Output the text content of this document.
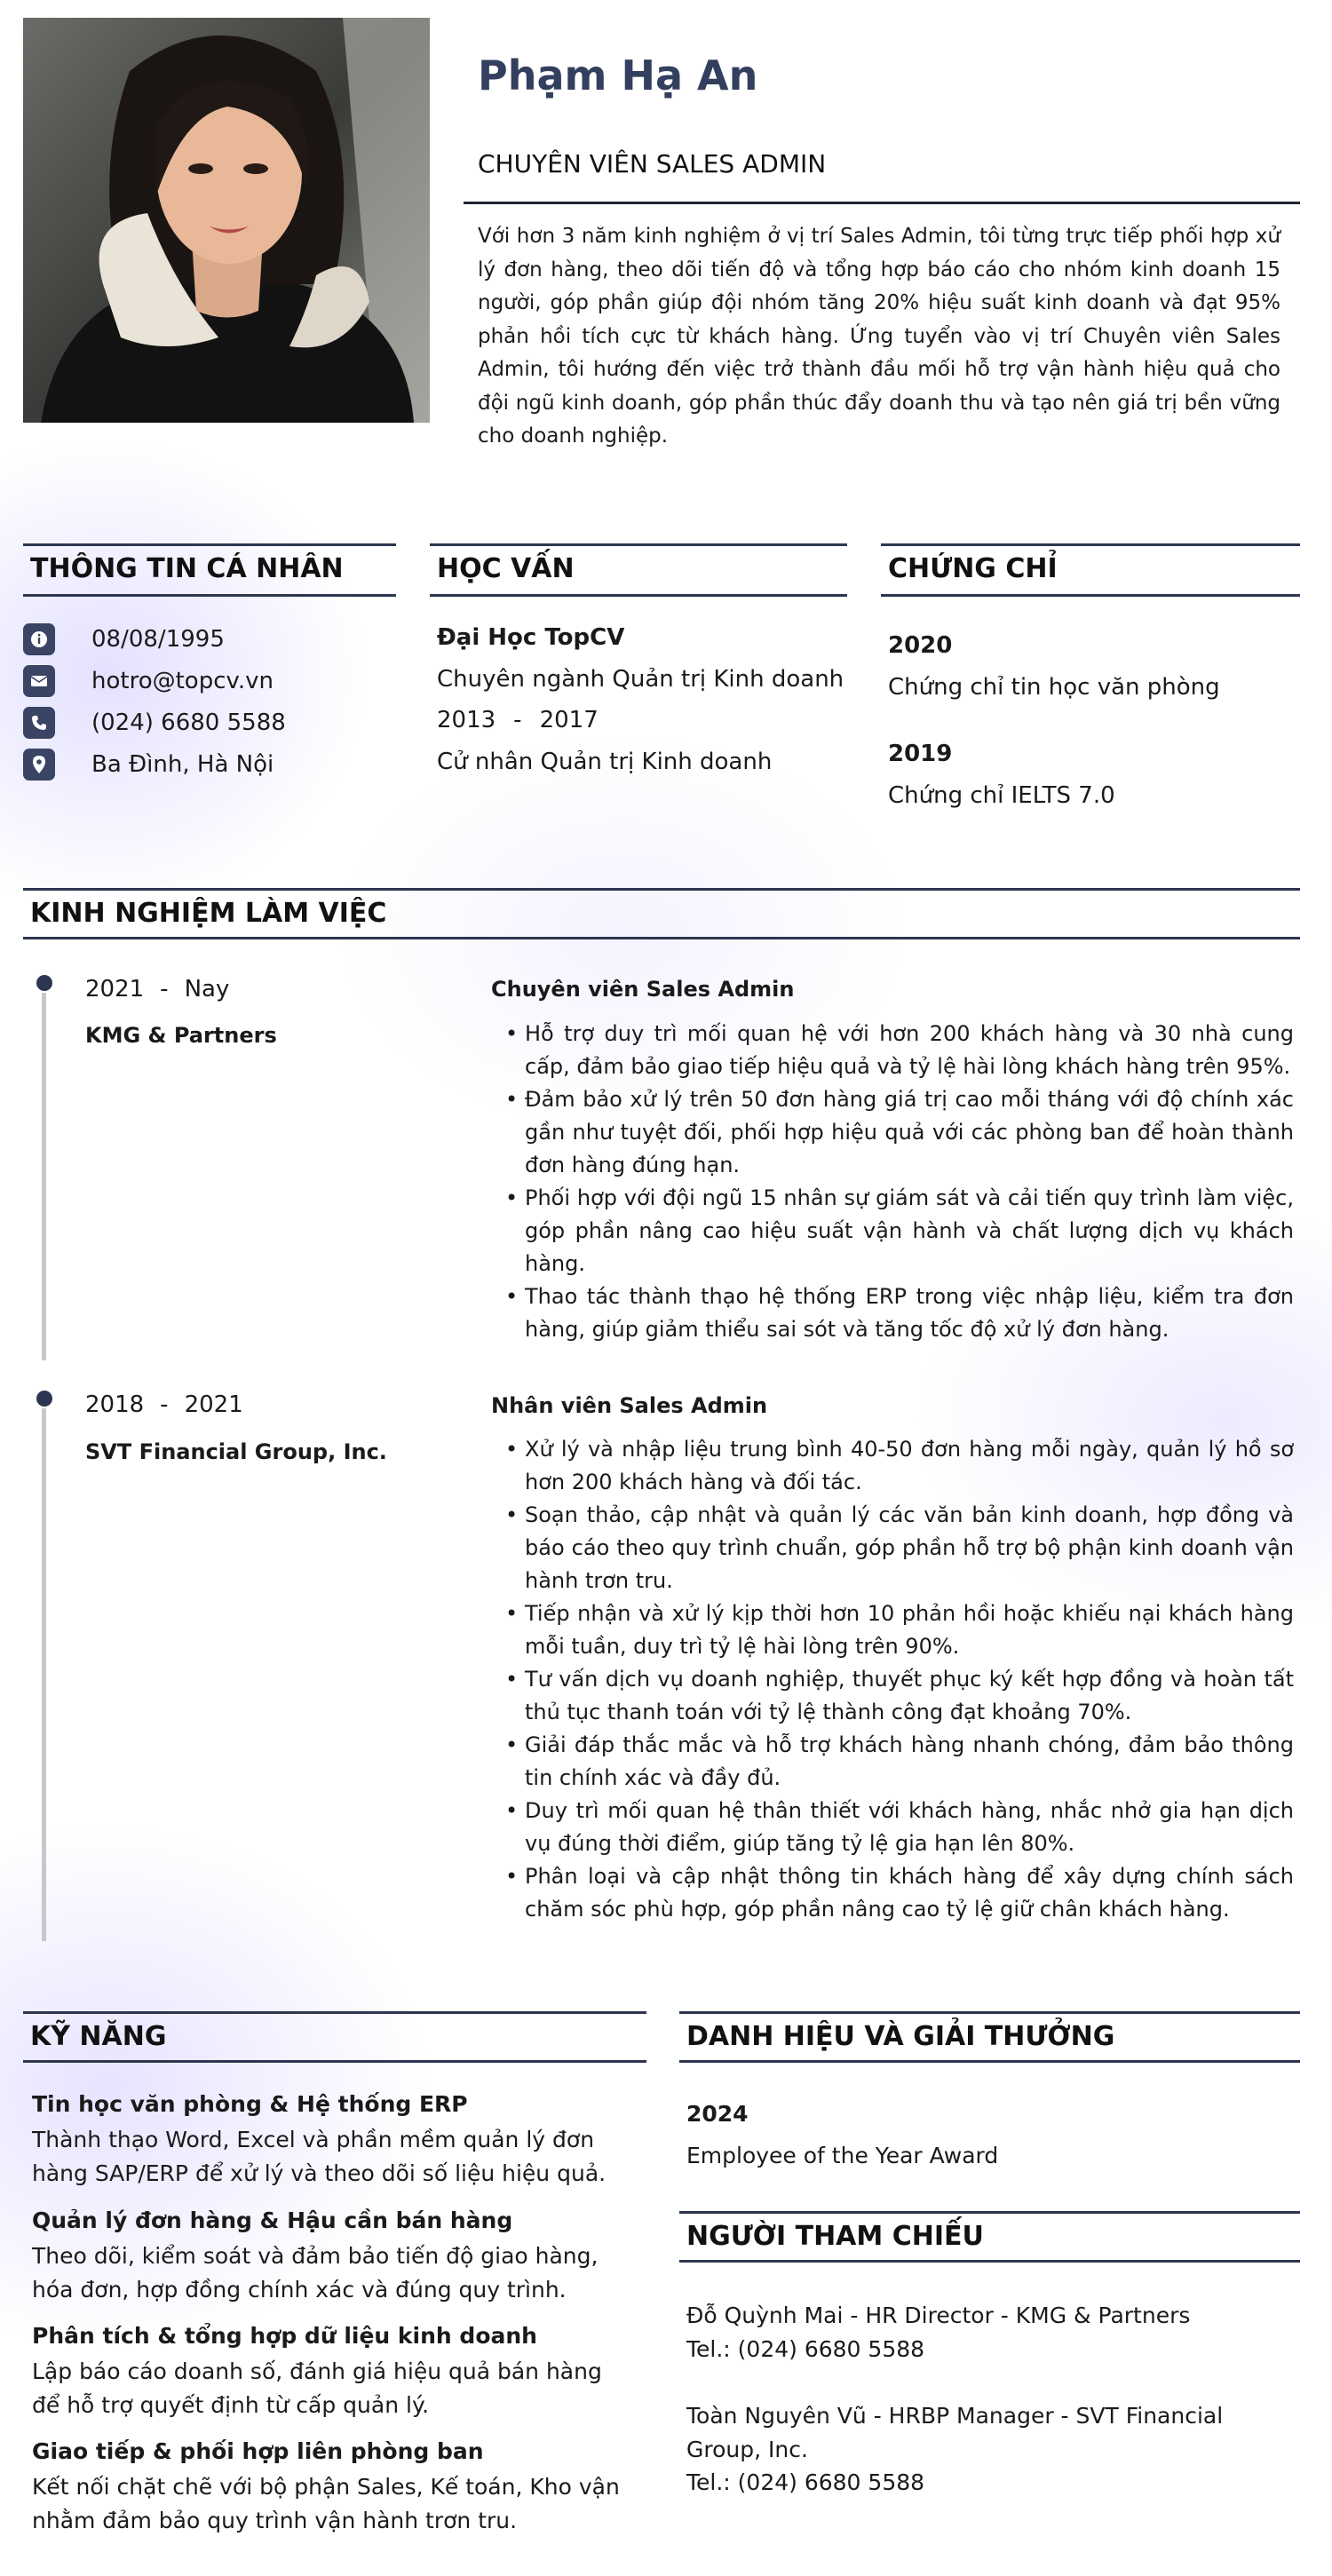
Phạm Hạ An
CHUYÊN VIÊN SALES ADMIN
Với hơn 3 năm kinh nghiệm ở vị trí Sales Admin, tôi từng trực tiếp phối hợp xử lý đơn hàng, theo dõi tiến độ và tổng hợp báo cáo cho nhóm kinh doanh 15 người, góp phần giúp đội nhóm tăng 20% hiệu suất kinh doanh và đạt 95% phản hồi tích cực từ khách hàng. Ứng tuyển vào vị trí Chuyên viên Sales Admin, tôi hướng đến việc trở thành đầu mối hỗ trợ vận hành hiệu quả cho đội ngũ kinh doanh, góp phần thúc đẩy doanh thu và tạo nên giá trị bền vững cho doanh nghiệp.
THÔNG TIN CÁ NHÂN
08/08/1995
hotro@topcv.vn
(024) 6680 5588
Ba Đình, Hà Nội
HỌC VẤN
Đại Học TopCV
Chuyên ngành Quản trị Kinh doanh
2013 - 2017
Cử nhân Quản trị Kinh doanh
CHỨNG CHỈ
2020
Chứng chỉ tin học văn phòng
2019
Chứng chỉ IELTS 7.0
KINH NGHIỆM LÀM VIỆC
2021 - Nay
KMG & Partners
Chuyên viên Sales Admin
• Hỗ trợ duy trì mối quan hệ với hơn 200 khách hàng và 30 nhà cung cấp, đảm bảo giao tiếp hiệu quả và tỷ lệ hài lòng khách hàng trên 95%.
• Đảm bảo xử lý trên 50 đơn hàng giá trị cao mỗi tháng với độ chính xác gần như tuyệt đối, phối hợp hiệu quả với các phòng ban để hoàn thành đơn hàng đúng hạn.
• Phối hợp với đội ngũ 15 nhân sự giám sát và cải tiến quy trình làm việc, góp phần nâng cao hiệu suất vận hành và chất lượng dịch vụ khách hàng.
• Thao tác thành thạo hệ thống ERP trong việc nhập liệu, kiểm tra đơn hàng, giúp giảm thiểu sai sót và tăng tốc độ xử lý đơn hàng.
2018 - 2021
SVT Financial Group, Inc.
Nhân viên Sales Admin
• Xử lý và nhập liệu trung bình 40-50 đơn hàng mỗi ngày, quản lý hồ sơ hơn 200 khách hàng và đối tác.
• Soạn thảo, cập nhật và quản lý các văn bản kinh doanh, hợp đồng và báo cáo theo quy trình chuẩn, góp phần hỗ trợ bộ phận kinh doanh vận hành trơn tru.
• Tiếp nhận và xử lý kịp thời hơn 10 phản hồi hoặc khiếu nại khách hàng mỗi tuần, duy trì tỷ lệ hài lòng trên 90%.
• Tư vấn dịch vụ doanh nghiệp, thuyết phục ký kết hợp đồng và hoàn tất thủ tục thanh toán với tỷ lệ thành công đạt khoảng 70%.
• Giải đáp thắc mắc và hỗ trợ khách hàng nhanh chóng, đảm bảo thông tin chính xác và đầy đủ.
• Duy trì mối quan hệ thân thiết với khách hàng, nhắc nhở gia hạn dịch vụ đúng thời điểm, giúp tăng tỷ lệ gia hạn lên 80%.
• Phân loại và cập nhật thông tin khách hàng để xây dựng chính sách chăm sóc phù hợp, góp phần nâng cao tỷ lệ giữ chân khách hàng.
KỸ NĂNG
Tin học văn phòng & Hệ thống ERP
Thành thạo Word, Excel và phần mềm quản lý đơn hàng SAP/ERP để xử lý và theo dõi số liệu hiệu quả.
Quản lý đơn hàng & Hậu cần bán hàng
Theo dõi, kiểm soát và đảm bảo tiến độ giao hàng, hóa đơn, hợp đồng chính xác và đúng quy trình.
Phân tích & tổng hợp dữ liệu kinh doanh
Lập báo cáo doanh số, đánh giá hiệu quả bán hàng để hỗ trợ quyết định từ cấp quản lý.
Giao tiếp & phối hợp liên phòng ban
Kết nối chặt chẽ với bộ phận Sales, Kế toán, Kho vận nhằm đảm bảo quy trình vận hành trơn tru.
DANH HIỆU VÀ GIẢI THƯỞNG
2024
Employee of the Year Award
NGƯỜI THAM CHIẾU
Đỗ Quỳnh Mai - HR Director - KMG & Partners
Tel.: (024) 6680 5588
Toàn Nguyên Vũ - HRBP Manager - SVT Financial Group, Inc.
Tel.: (024) 6680 5588
